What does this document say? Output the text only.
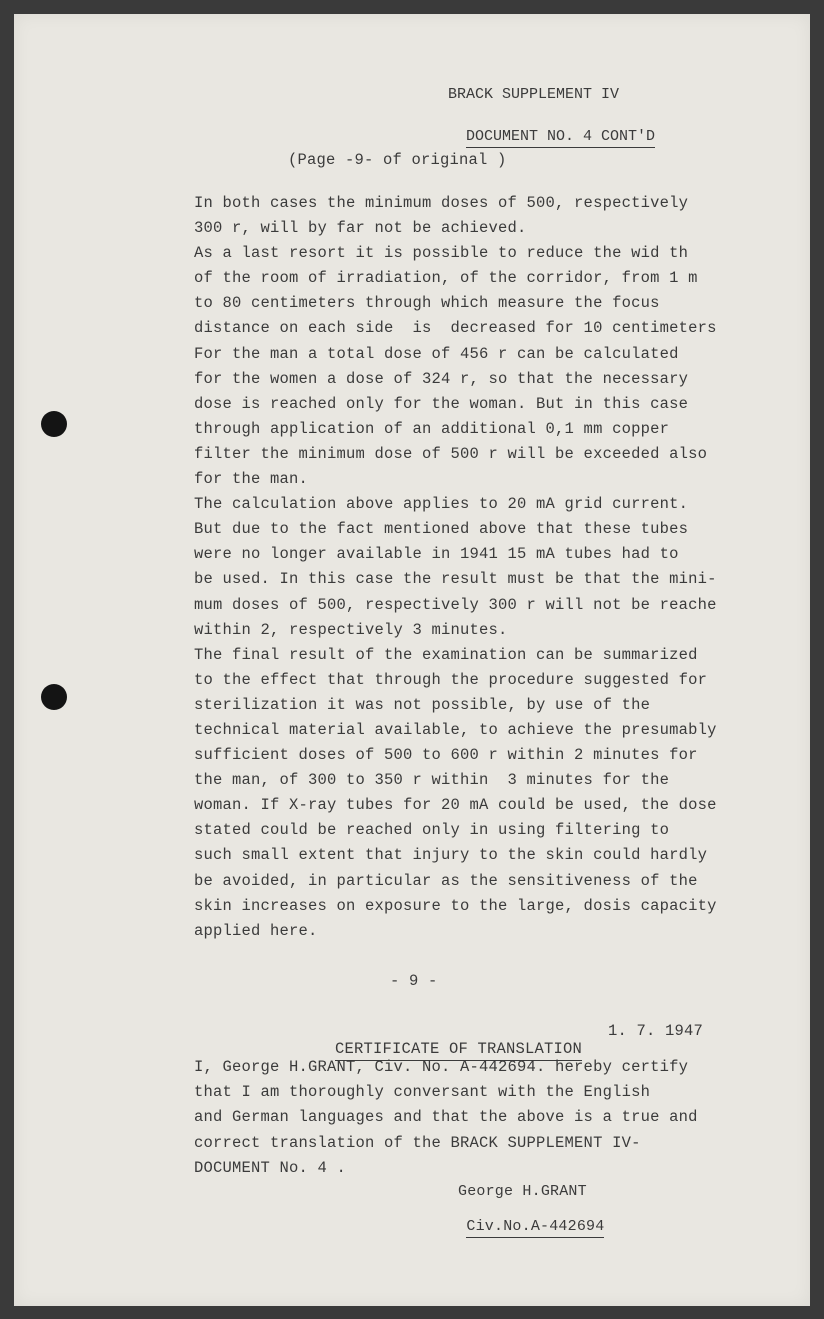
BRACK SUPPLEMENT IV

DOCUMENT NO. 4 CONT'D

(Page -9- of original )
In both cases the minimum doses of 500, respectively
300 r, will by far not be achieved.
As a last resort it is possible to reduce the wid th
of the room of irradiation, of the corridor, from 1 m
to 80 centimeters through which measure the focus
distance on each side  is  decreased for 10 centimeters
For the man a total dose of 456 r can be calculated
for the women a dose of 324 r, so that the necessary
dose is reached only for the woman. But in this case
through application of an additional 0,1 mm copper
filter the minimum dose of 500 r will be exceeded also
for the man.
The calculation above applies to 20 mA grid current.
But due to the fact mentioned above that these tubes
were no longer available in 1941 15 mA tubes had to
be used. In this case the result must be that the mini-
mum doses of 500, respectively 300 r will not be reache
within 2, respectively 3 minutes.
The final result of the examination can be summarized
to the effect that through the procedure suggested for
sterilization it was not possible, by use of the
technical material available, to achieve the presumably
sufficient doses of 500 to 600 r within 2 minutes for
the man, of 300 to 350 r within  3 minutes for the
woman. If X-ray tubes for 20 mA could be used, the dose
stated could be reached only in using filtering to
such small extent that injury to the skin could hardly
be avoided, in particular as the sensitiveness of the
skin increases on exposure to the large, dosis capacity
applied here.
- 9 -

CERTIFICATE OF TRANSLATION

1. 7. 1947
I, George H.GRANT, Civ. No. A-442694. hereby certify
that I am thoroughly conversant with the English
and German languages and that the above is a true and
correct translation of the BRACK SUPPLEMENT IV-
DOCUMENT No. 4 .
George H.GRANT

Civ.No.A-442694
